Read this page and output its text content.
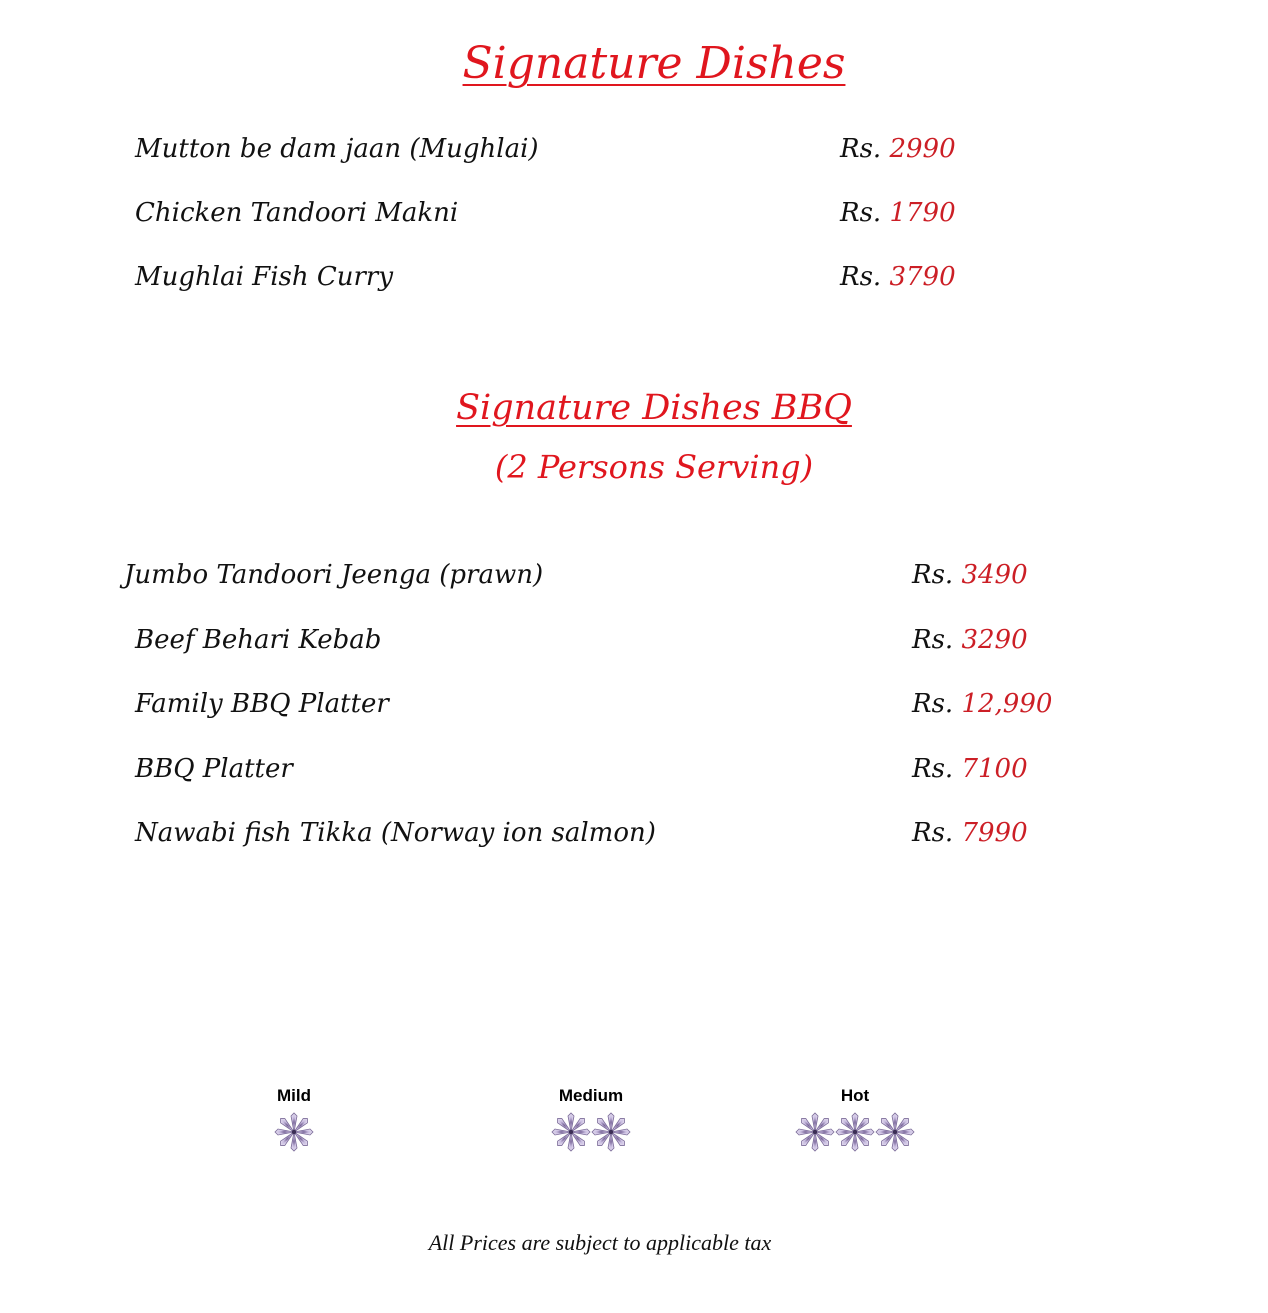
Signature Dishes
Mutton be dam jaan (Mughlai)	Rs. 2990
Chicken Tandoori Makni	Rs. 1790
Mughlai Fish Curry	Rs. 3790
Signature Dishes BBQ
(2 Persons Serving)
Jumbo Tandoori Jeenga (prawn)	Rs. 3490
Beef Behari Kebab	Rs. 3290
Family BBQ Platter	Rs. 12,990
BBQ Platter	Rs. 7100
Nawabi fish Tikka (Norway ion salmon)	Rs. 7990
Mild	Medium	Hot
All Prices are subject to applicable tax
